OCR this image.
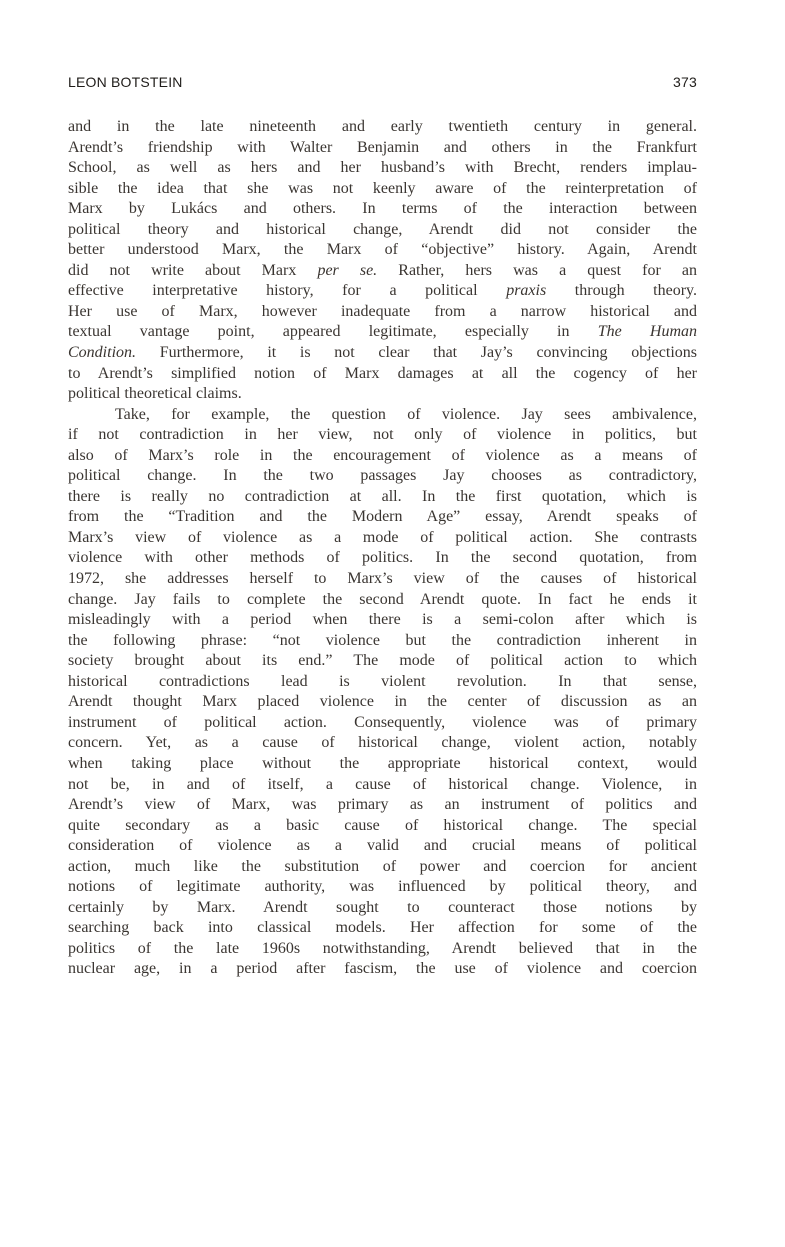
LEON BOTSTEIN	373
and in the late nineteenth and early twentieth century in general.
Arendt’s friendship with Walter Benjamin and others in the Frankfurt
School, as well as hers and her husband’s with Brecht, renders implau-
sible the idea that she was not keenly aware of the reinterpretation of
Marx by Lukács and others. In terms of the interaction between
political theory and historical change, Arendt did not consider the
better understood Marx, the Marx of “objective” history. Again, Arendt
did not write about Marx per se. Rather, hers was a quest for an
effective interpretative history, for a political praxis through theory.
Her use of Marx, however inadequate from a narrow historical and
textual vantage point, appeared legitimate, especially in The Human
Condition. Furthermore, it is not clear that Jay’s convincing objections
to Arendt’s simplified notion of Marx damages at all the cogency of her
political theoretical claims.
Take, for example, the question of violence. Jay sees ambivalence,
if not contradiction in her view, not only of violence in politics, but
also of Marx’s role in the encouragement of violence as a means of
political change. In the two passages Jay chooses as contradictory,
there is really no contradiction at all. In the first quotation, which is
from the “Tradition and the Modern Age” essay, Arendt speaks of
Marx’s view of violence as a mode of political action. She contrasts
violence with other methods of politics. In the second quotation, from
1972, she addresses herself to Marx’s view of the causes of historical
change. Jay fails to complete the second Arendt quote. In fact he ends it
misleadingly with a period when there is a semi-colon after which is
the following phrase: “not violence but the contradiction inherent in
society brought about its end.” The mode of political action to which
historical contradictions lead is violent revolution. In that sense,
Arendt thought Marx placed violence in the center of discussion as an
instrument of political action. Consequently, violence was of primary
concern. Yet, as a cause of historical change, violent action, notably
when taking place without the appropriate historical context, would
not be, in and of itself, a cause of historical change. Violence, in
Arendt’s view of Marx, was primary as an instrument of politics and
quite secondary as a basic cause of historical change. The special
consideration of violence as a valid and crucial means of political
action, much like the substitution of power and coercion for ancient
notions of legitimate authority, was influenced by political theory, and
certainly by Marx. Arendt sought to counteract those notions by
searching back into classical models. Her affection for some of the
politics of the late 1960s notwithstanding, Arendt believed that in the
nuclear age, in a period after fascism, the use of violence and coercion
